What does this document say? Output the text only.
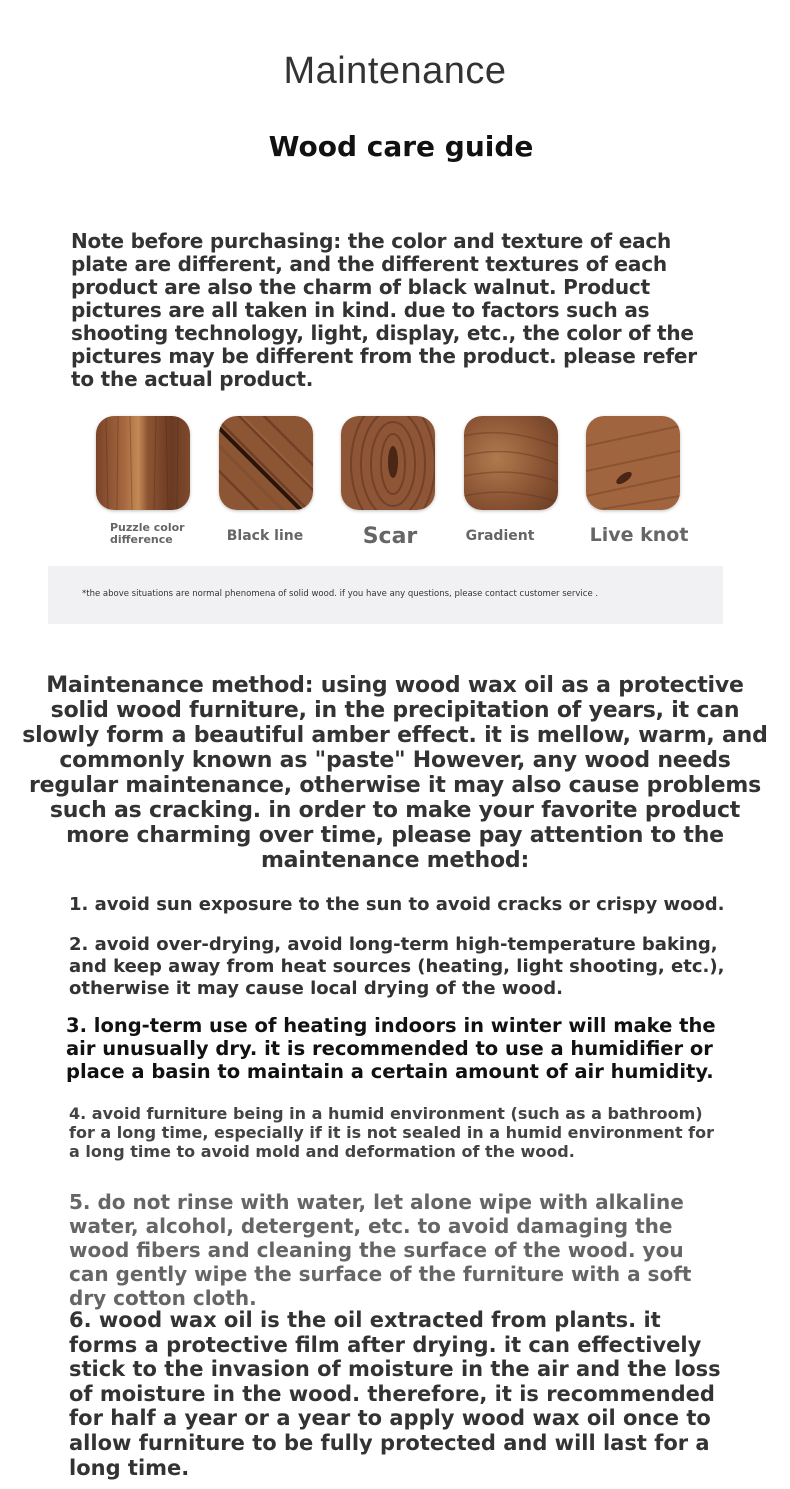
Maintenance
Wood care guide
Note before purchasing: the color and texture of each plate are different, and the different textures of each product are also the charm of black walnut. Product pictures are all taken in kind. due to factors such as shooting technology, light, display, etc., the color of the pictures may be different from the product. please refer to the actual product.
Puzzle color difference	Black line	Scar	Gradient	Live knot
*the above situations are normal phenomena of solid wood. if you have any questions, please contact customer service .
Maintenance method: using wood wax oil as a protective solid wood furniture, in the precipitation of years, it can slowly form a beautiful amber effect. it is mellow, warm, and commonly known as "paste" However, any wood needs regular maintenance, otherwise it may also cause problems such as cracking. in order to make your favorite product more charming over time, please pay attention to the maintenance method:
1. avoid sun exposure to the sun to avoid cracks or crispy wood.
2. avoid over-drying, avoid long-term high-temperature baking, and keep away from heat sources (heating, light shooting, etc.), otherwise it may cause local drying of the wood.
3. long-term use of heating indoors in winter will make the air unusually dry. it is recommended to use a humidifier or place a basin to maintain a certain amount of air humidity.
4. avoid furniture being in a humid environment (such as a bathroom) for a long time, especially if it is not sealed in a humid environment for a long time to avoid mold and deformation of the wood.
5. do not rinse with water, let alone wipe with alkaline water, alcohol, detergent, etc. to avoid damaging the wood fibers and cleaning the surface of the wood. you can gently wipe the surface of the furniture with a soft dry cotton cloth.
6. wood wax oil is the oil extracted from plants. it forms a protective film after drying. it can effectively stick to the invasion of moisture in the air and the loss of moisture in the wood. therefore, it is recommended for half a year or a year to apply wood wax oil once to allow furniture to be fully protected and will last for a long time.
